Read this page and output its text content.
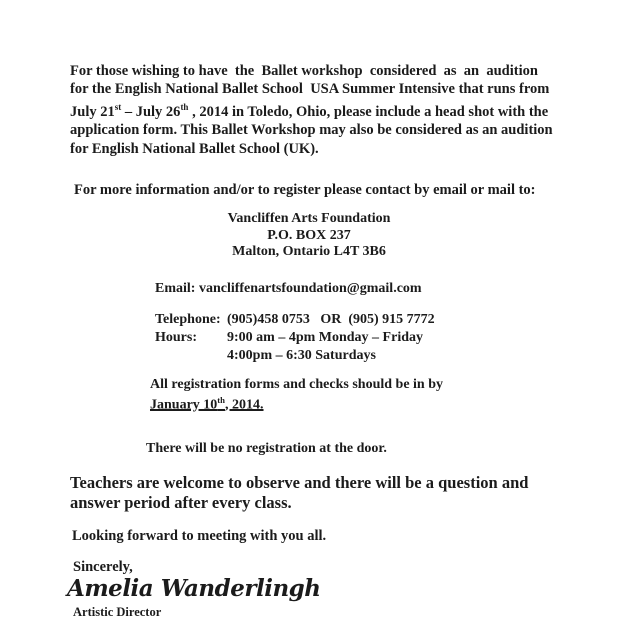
For those wishing to have  the  Ballet workshop  considered  as  an  audition
for the English National Ballet School  USA Summer Intensive that runs from
July 21st – July 26th , 2014 in Toledo, Ohio, please include a head shot with the
application form. This Ballet Workshop may also be considered as an audition
for English National Ballet School (UK).
For more information and/or to register please contact by email or mail to:
Vancliffen Arts Foundation
P.O. BOX 237
Malton, Ontario L4T 3B6
Email: vancliffenartsfoundation@gmail.com
Telephone: (905)458 0753   OR  (905) 915 7772
Hours:	9:00 am – 4pm Monday – Friday
4:00pm – 6:30 Saturdays
All registration forms and checks should be in by
January 10th, 2014.
There will be no registration at the door.
Teachers are welcome to observe and there will be a question and
answer period after every class.
Looking forward to meeting with you all.
Sincerely,
Amelia Wanderlingh
Artistic Director
